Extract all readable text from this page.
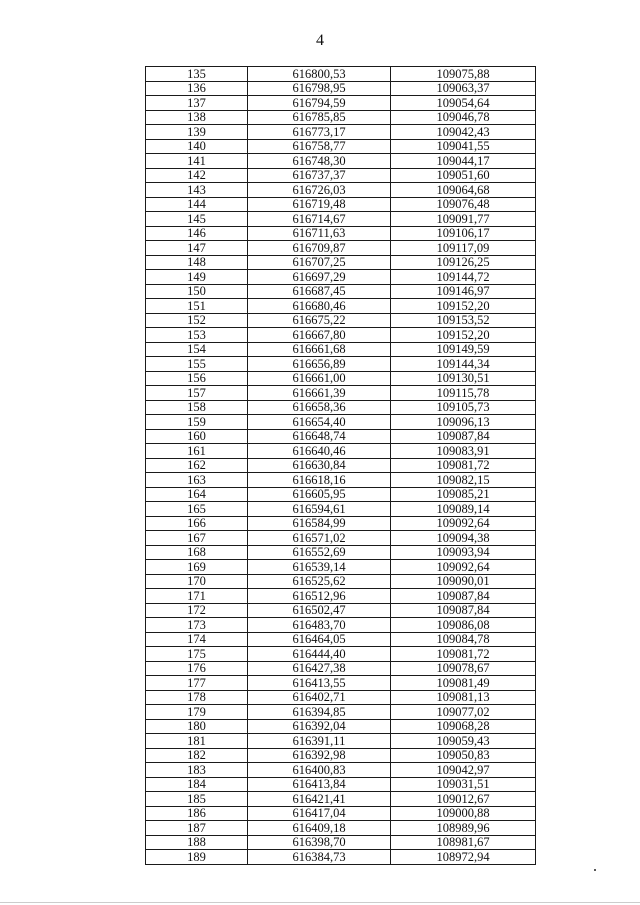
4
135	616800,53	109075,88
136	616798,95	109063,37
137	616794,59	109054,64
138	616785,85	109046,78
139	616773,17	109042,43
140	616758,77	109041,55
141	616748,30	109044,17
142	616737,37	109051,60
143	616726,03	109064,68
144	616719,48	109076,48
145	616714,67	109091,77
146	616711,63	109106,17
147	616709,87	109117,09
148	616707,25	109126,25
149	616697,29	109144,72
150	616687,45	109146,97
151	616680,46	109152,20
152	616675,22	109153,52
153	616667,80	109152,20
154	616661,68	109149,59
155	616656,89	109144,34
156	616661,00	109130,51
157	616661,39	109115,78
158	616658,36	109105,73
159	616654,40	109096,13
160	616648,74	109087,84
161	616640,46	109083,91
162	616630,84	109081,72
163	616618,16	109082,15
164	616605,95	109085,21
165	616594,61	109089,14
166	616584,99	109092,64
167	616571,02	109094,38
168	616552,69	109093,94
169	616539,14	109092,64
170	616525,62	109090,01
171	616512,96	109087,84
172	616502,47	109087,84
173	616483,70	109086,08
174	616464,05	109084,78
175	616444,40	109081,72
176	616427,38	109078,67
177	616413,55	109081,49
178	616402,71	109081,13
179	616394,85	109077,02
180	616392,04	109068,28
181	616391,11	109059,43
182	616392,98	109050,83
183	616400,83	109042,97
184	616413,84	109031,51
185	616421,41	109012,67
186	616417,04	109000,88
187	616409,18	108989,96
188	616398,70	108981,67
189	616384,73	108972,94
